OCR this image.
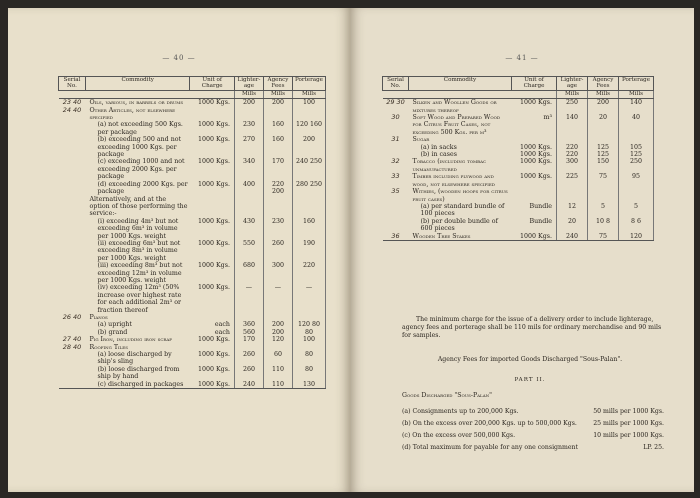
— 40 —
Serial No.	Commodity	Unit of Charge	Lighter-age	Agency Fees	Porterage
			Mills	Mills	Mills
23 40	Oils, various, in barrels or drums	1000 Kgs.	200	200	100
24 40	Other Articles, not elsewhere specified				
	(a) not exceeding 500 Kgs. per package	1000 Kgs.	230	160	120 160
	(b) exceeding 500 and not exceeding 1000 Kgs. per package	1000 Kgs.	270	160	200
	(c) exceeding 1000 and not exceeding 2000 Kgs. per package	1000 Kgs.	340	170	240 250
	(d) exceeding 2000 Kgs. per package	1000 Kgs.	400	220 200	280 250
	Alternatively, and at the option of those performing the service:-				
	(i) exceeding 4m³ but not exceeding 6m³ in volume per 1000 Kgs. weight	1000 Kgs.	430	230	160
	(ii) exceeding 6m³ but not exceeding 8m³ in volume per 1000 Kgs. weight	1000 Kgs.	550	260	190
	(iii) exceeding 8m³ but not exceeding 12m³ in volume per 1000 Kgs. weight	1000 Kgs.	680	300	220
	(iv) exceeding 12m³ (50% increase over highest rate for each additional 2m³ or fraction thereof	1000 Kgs.	—	—	—
26 40	Pianos				
	(a) upright	each	360	200	120 80
	(b) grand	each	560	200	80
27 40	Pig Iron, including iron scrap	1000 Kgs.	170	120	100
28 40	Roofing Tiles				
	(a) loose discharged by ship's sling	1000 Kgs.	260	60	80
	(b) loose discharged from ship by hand	1000 Kgs.	260	110	80
	(c) discharged in packages	1000 Kgs.	240	110	130
— 41 —
Serial No.	Commodity	Unit of Charge	Lighter-age	Agency Fees	Porterage
			Mills	Mills	Mills
29 30	Silken and Woollen Goods or mixtures thereof	1000 Kgs.	250	200	140
30	Soft Wood and Prepared Wood for Citrus Fruit Cases, not exceeding 500 Kgs. per m³	m³	140	20	40
31	Sugar				
	(a) in sacks	1000 Kgs.	220	125	105
	(b) in cases	1000 Kgs.	220	125	125
32	Tobacco (including tombac unmanufactured	1000 Kgs.	300	150	250
33	Timber including plywood and wood, not elsewhere specified	1000 Kgs.	225	75	95
35	Withies, (wooden hoops for citrus fruit cases)				
	(a) per standard bundle of 100 pieces	Bundle	12	5	5
	(b) per double bundle of 600 pieces	Bundle	20	10 8	8 6
36	Wooden Tree Stakes	1000 Kgs.	240	75	120
The minimum charge for the issue of a delivery order to include lighterage, agency fees and porterage shall be 110 mils for ordinary merchandise and 90 mils for samples.
Agency Fees for imported Goods Discharged "Sous-Palan".
PART II.
Goods Discharged "Sous-Palan"
(a) Consignments up to 200,000 Kgs.	50 mills per 1000 Kgs.
(b) On the excess over 200,000 Kgs. up to 500,000 Kgs.	25 mills per 1000 Kgs.
(c) On the excess over 500,000 Kgs.	10 mills per 1000 Kgs.
(d) Total maximum for payable for any one consignment	LP. 25.
